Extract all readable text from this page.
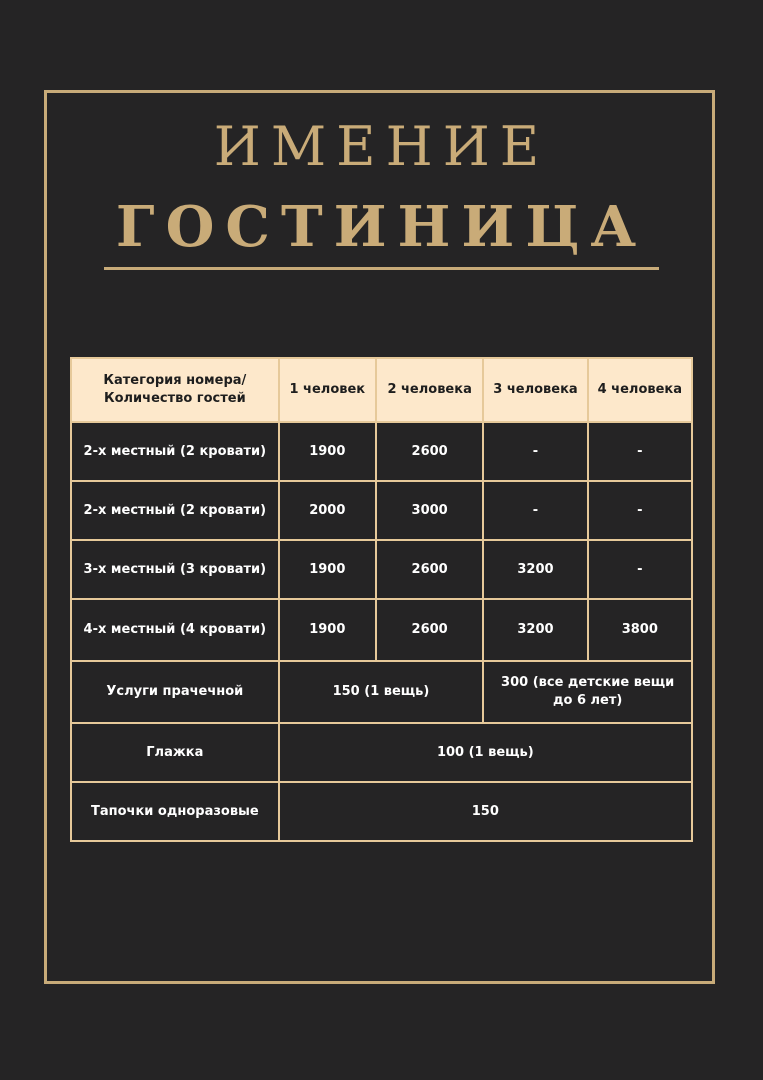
ИМЕНИЕ
ГОСТИНИЦА
Категория номера/ Количество гостей	1 человек	2 человека	3 человека	4 человека
2-х местный (2 кровати)	1900	2600	-	-
2-х местный (2 кровати)	2000	3000	-	-
3-х местный (3 кровати)	1900	2600	3200	-
4-х местный (4 кровати)	1900	2600	3200	3800
Услуги прачечной	150 (1 вещь)		300 (все детские вещи до 6 лет)	
Глажка	100 (1 вещь)			
Тапочки одноразовые	150			
